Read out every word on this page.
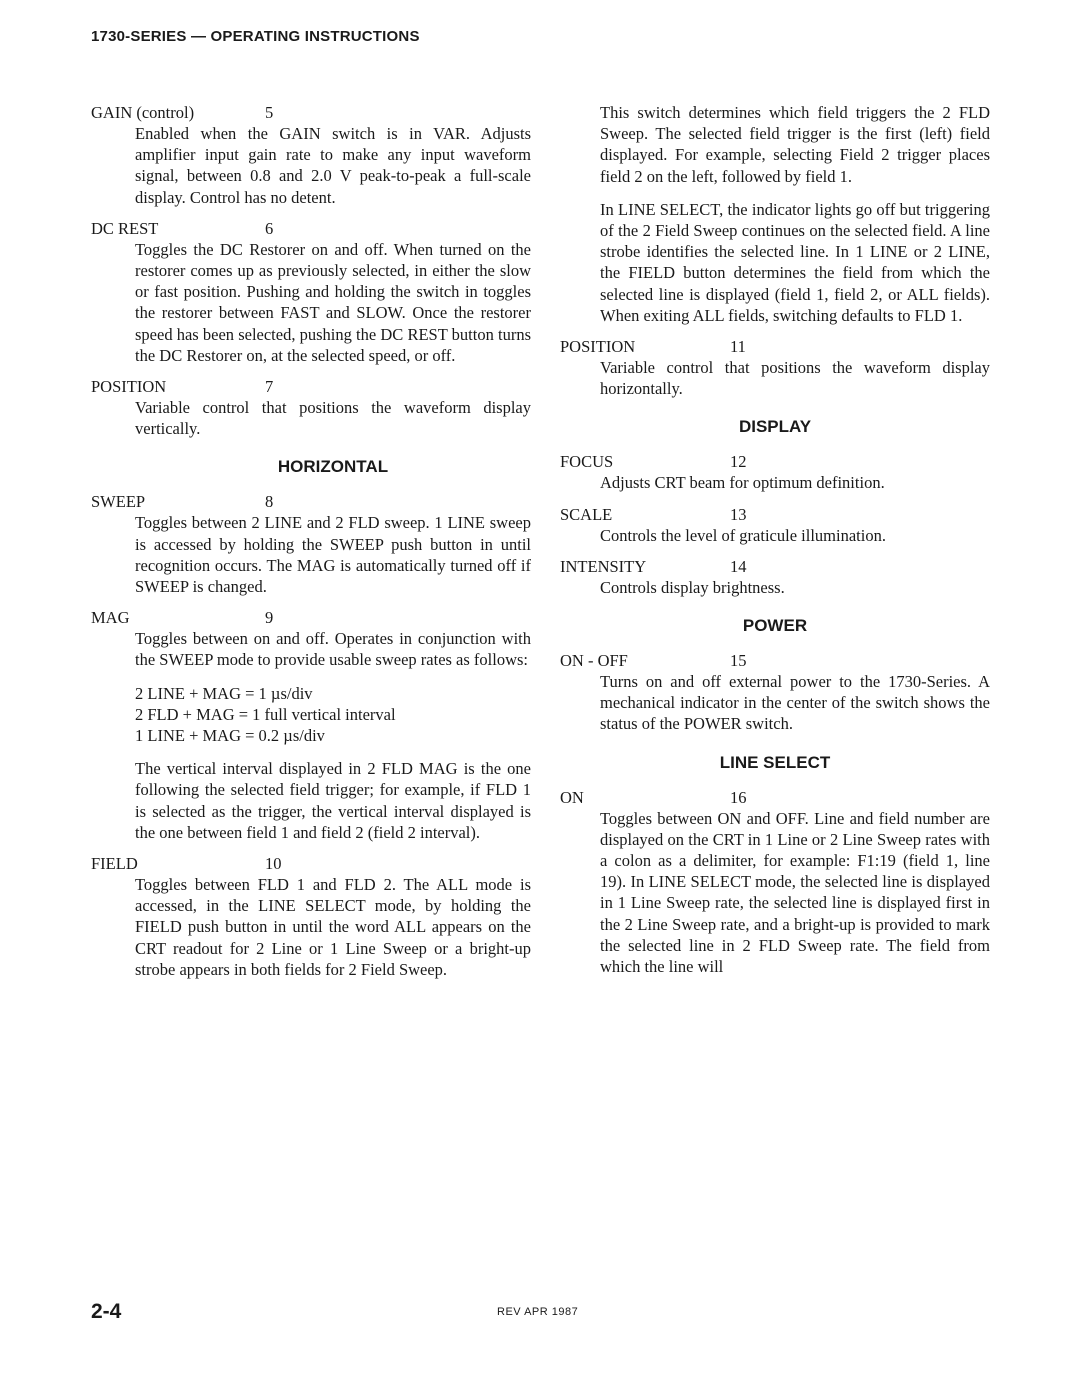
1730-SERIES — OPERATING INSTRUCTIONS
GAIN (control)	5
Enabled when the GAIN switch is in VAR. Adjusts amplifier input gain rate to make any input waveform signal, between 0.8 and 2.0 V peak-to-peak a full-scale display. Control has no detent.
DC REST	6
Toggles the DC Restorer on and off. When turned on the restorer comes up as previously selected, in either the slow or fast position. Pushing and holding the switch in toggles the restorer between FAST and SLOW. Once the restorer speed has been selected, pushing the DC REST button turns the DC Restorer on, at the selected speed, or off.
POSITION	7
Variable control that positions the waveform display vertically.
HORIZONTAL
SWEEP	8
Toggles between 2 LINE and 2 FLD sweep. 1 LINE sweep is accessed by holding the SWEEP push button in until recognition occurs. The MAG is automatically turned off if SWEEP is changed.
MAG	9
Toggles between on and off. Operates in conjunction with the SWEEP mode to provide usable sweep rates as follows:
2 LINE + MAG = 1 µs/div
2 FLD + MAG = 1 full vertical interval
1 LINE + MAG = 0.2 µs/div
The vertical interval displayed in 2 FLD MAG is the one following the selected field trigger; for example, if FLD 1 is selected as the trigger, the vertical interval displayed is the one between field 1 and field 2 (field 2 interval).
FIELD	10
Toggles between FLD 1 and FLD 2. The ALL mode is accessed, in the LINE SELECT mode, by holding the FIELD push button in until the word ALL appears on the CRT readout for 2 Line or 1 Line Sweep or a bright-up strobe appears in both fields for 2 Field Sweep.

This switch determines which field triggers the 2 FLD Sweep. The selected field trigger is the first (left) field displayed. For example, selecting Field 2 trigger places field 2 on the left, followed by field 1.

In LINE SELECT, the indicator lights go off but triggering of the 2 Field Sweep continues on the selected field. A line strobe identifies the selected line. In 1 LINE or 2 LINE, the FIELD button determines the field from which the selected line is displayed (field 1, field 2, or ALL fields). When exiting ALL fields, switching defaults to FLD 1.

POSITION	11
Variable control that positions the waveform display horizontally.
DISPLAY
FOCUS	12
Adjusts CRT beam for optimum definition.
SCALE	13
Controls the level of graticule illumination.
INTENSITY	14
Controls display brightness.
POWER
ON - OFF	15
Turns on and off external power to the 1730-Series. A mechanical indicator in the center of the switch shows the status of the POWER switch.
LINE SELECT
ON	16
Toggles between ON and OFF. Line and field number are displayed on the CRT in 1 Line or 2 Line Sweep rates with a colon as a delimiter, for example: F1:19 (field 1, line 19). In LINE SELECT mode, the selected line is displayed in 1 Line Sweep rate, the selected line is displayed first in the 2 Line Sweep rate, and a bright-up is provided to mark the selected line in 2 FLD Sweep rate. The field from which the line will
2-4	REV APR 1987
